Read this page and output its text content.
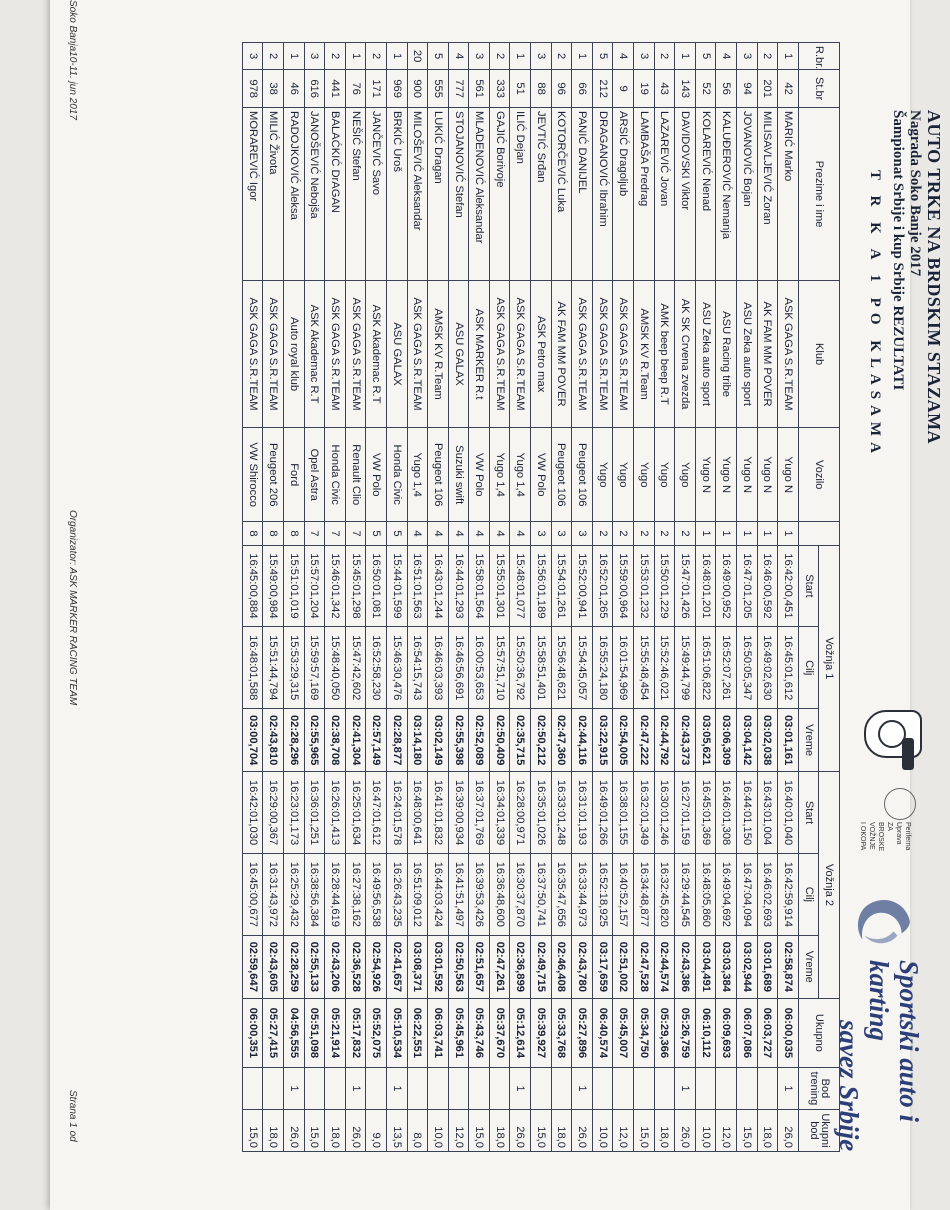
AUTO TRKE NA BRDSKIM STAZAMA
Nagrada Soko Banje 2017
Šampionat Srbije i kup Srbije REZULTATI
T R K A 1 PO KLASAMA
Periferna Uprava ZA BROSKE VOŽNJE I OKOPA
Sportski auto i karting
savez Srbije
R.br.	St.br	Prezime i ime	Klub	Vozilo		Vožnja 1			Vožnja 2			Ukupno	Bod trening	Ukupni bod
						Start	Cilj	Vreme	Start	Cilj	Vreme			
1	42	MARIĆ Marko	ASK GAGA S.R.TEAM	Yugo N	1	16:42:00,451	16:45:01,612	03:01,161	16:40:01,040	16:42:59,914	02:58,874	06:00,035	1	26,0
2	201	MILISAVLJEVIĆ Zoran	AK FAM MM POVER	Yugo N	1	16:46:00,592	16:49:02,630	03:02,038	16:43:01,004	16:46:02,693	03:01,689	06:03,727		18,0
3	94	JOVANOVIĆ Bojan	ASU Zeka auto sport	Yugo N	1	16:47:01,205	16:50:05,347	03:04,142	16:44:01,150	16:47:04,094	03:02,944	06:07,086		15,0
4	56	KALUĐEROVIĆ Nemanja	ASU Racing tribe	Yugo N	1	16:49:00,952	16:52:07,261	03:06,309	16:46:01,308	16:49:04,692	03:03,384	06:09,693		12,0
5	52	KOLAREVIĆ Nenad	ASU Zeka auto sport	Yugo N	1	16:48:01,201	16:51:06,822	03:05,621	16:45:01,369	16:48:05,860	03:04,491	06:10,112		10,0
1	143	DAVIDOVSKI Viktor	AK SK Crvena zvezda	Yugo	2	15:47:01,426	15:49:44,799	02:43,373	16:27:01,159	16:29:44,545	02:43,386	05:26,759	1	26,0
2	43	LAZAREVIĆ Jovan	AMK beep beep R.T	Yugo	2	15:50:01,229	15:52:46,021	02:44,792	16:30:01,246	16:32:45,820	02:44,574	05:29,366		18,0
3	19	LAMBAŠA Predrag	AMSK KV R.Team	Yugo	2	15:53:01,232	15:55:48,454	02:47,222	16:32:01,349	16:34:48,877	02:47,528	05:34,750		15,0
4	9	ARSIĆ Dragoljub	ASK GAGA S.R.TEAM	Yugo	2	15:59:00,964	16:01:54,969	02:54,005	16:38:01,155	16:40:52,157	02:51,002	05:45,007		12,0
5	212	DRAGANOVIĆ Ibrahim	ASK GAGA S.R.TEAM	Yugo	2	16:52:01,265	16:55:24,180	03:22,915	16:49:01,266	16:52:18,925	03:17,659	06:40,574		10,0
1	66	PANIĆ DANIJEL	ASK GAGA S.R.TEAM	Peugeot 106	3	15:52:00,941	15:54:45,057	02:44,116	16:31:01,193	16:33:44,973	02:43,780	05:27,896	1	26,0
2	96	KOTORČEVIĆ Luka	AK FAM MM POVER	Peugeot 106	3	15:54:01,261	15:56:48,621	02:47,360	16:33:01,248	16:35:47,656	02:46,408	05:33,768		18,0
3	88	JEVTIĆ Srđan	ASK Petro max	VW Polo	3	15:56:01,189	15:58:51,401	02:50,212	16:35:01,026	16:37:50,741	02:49,715	05:39,927		15,0
1	51	ILIĆ Dejan	ASK GAGA S.R.TEAM	Yugo 1,4	4	15:48:01,077	15:50:36,792	02:35,715	16:28:00,971	16:30:37,870	02:36,899	05:12,614	1	26,0
2	333	GAJIĆ Borivoje	ASK GAGA S.R.TEAM	Yugo 1,4	4	15:55:01,301	15:57:51,710	02:50,409	16:34:01,339	16:36:48,600	02:47,261	05:37,670		18,0
3	561	MLADENOVIĆ Aleksandar	ASK MARKER R.t	VW Polo	4	15:58:01,564	16:00:53,653	02:52,089	16:37:01,769	16:39:53,426	02:51,657	05:43,746		15,0
4	777	STOJANOVIĆ Stefan	ASU GALAX	Suzuki swift	4	16:44:01,293	16:46:56,691	02:55,398	16:39:00,934	16:41:51,497	02:50,563	05:45,961		12,0
5	555	LUKIĆ Dragan	AMSK KV R.Team	Peugeot 106	4	16:43:01,244	16:46:03,393	03:02,149	16:41:01,832	16:44:03,424	03:01,592	06:03,741		10,0
20	900	MILOŠEVIĆ Aleksandar	ASK GAGA S.R.TEAM	Yugo 1,4	4	16:51:01,563	16:54:15,743	03:14,180	16:48:00,641	16:51:09,012	03:08,371	06:22,551		8,0
1	969	BRKIĆ Uroš	ASU GALAX	Honda Civic	5	15:44:01,599	15:46:30,476	02:28,877	16:24:01,578	16:26:43,235	02:41,657	05:10,534	1	13,5
2	171	JANČEVIĆ Savo	ASK Akademac R.T	VW Polo	5	16:50:01,081	16:52:58,230	02:57,149	16:47:01,612	16:49:56,538	02:54,926	05:52,075		9,0
1	76	NEŠIĆ Stefan	ASK GAGA S.R.TEAM	Renault Clio	7	15:45:01,298	15:47:42,602	02:41,304	16:25:01,634	16:27:38,162	02:36,528	05:17,832	1	26,0
2	441	BALAĆKIĆ DrAGAN	ASK GAGA S.R.TEAM	Honda Civic	7	15:46:01,342	15:48:40,050	02:38,708	16:26:01,413	16:28:44,619	02:43,206	05:21,914		18,0
3	616	JANOŠEVIĆ Nebojša	ASK Akademac R.T	Opel Astra	7	15:57:01,204	15:59:57,169	02:55,965	16:36:01,251	16:38:56,384	02:55,133	05:51,098		15,0
1	46	RADOJKOVIĆ Aleksa	Auto royal klub	Ford	8	15:51:01,019	15:53:29,315	02:28,296	16:23:01,173	16:25:29,432	02:28,259	04:56,555	1	26,0
2	38	MILIĆ Životа	ASK GAGA S.R.TEAM	Peugeot 206	8	15:49:00,984	15:51:44,794	02:43,810	16:29:00,367	16:31:43,972	02:43,605	05:27,415		18,0
3	978	MORAREVIĆ Igor	ASK GAGA S.R.TEAM	VW Shirocco	8	16:45:00,884	16:48:01,588	03:00,704	16:42:01,030	16:45:00,677	02:59,647	06:00,351		15,0
Soko Banja10-11. jun 2017
Organizator: ASK MARKER RACING TEAM
Strana 1 od
